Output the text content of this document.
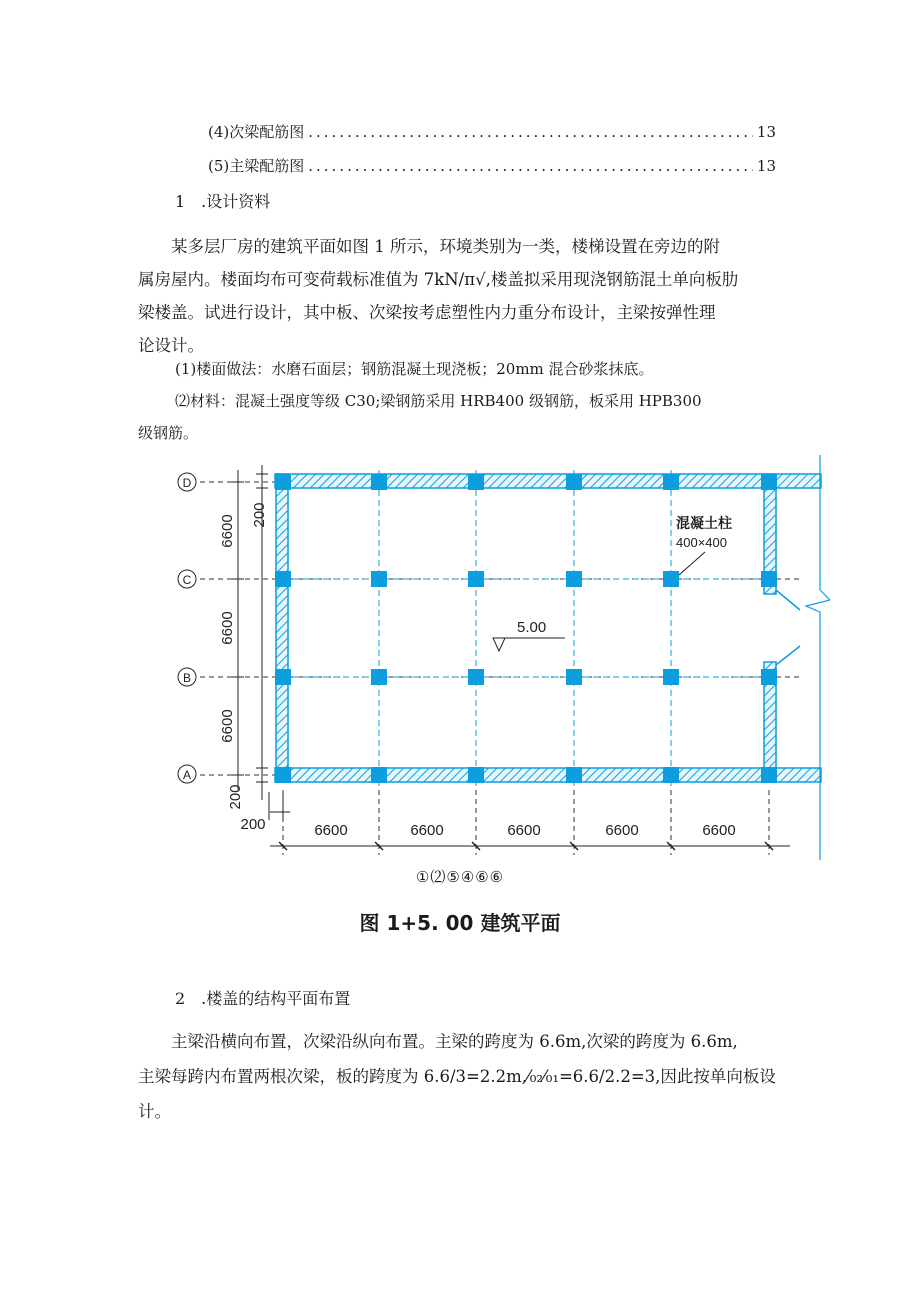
(4)次梁配筋图 .....	13
(5)主梁配筋图 .....	13
1　.设计资料
某多层厂房的建筑平面如图 1 所示，环境类别为一类，楼梯设置在旁边的附
属房屋内。楼面均布可变荷载标准值为 7kN/π√,楼盖拟采用现浇钢筋混土单向板肋
梁楼盖。试进行设计，其中板、次梁按考虑塑性内力重分布设计，主梁按弹性理
论设计。
(1)楼面做法：水磨石面层；钢筋混凝土现浇板；20mm 混合砂浆抹底。
⑵材料：混凝土强度等级 C30;梁钢筋采用 HRB400 级钢筋，板采用 HPB300
级钢筋。
D
C
B
A
6600
6600
6600
200
200
200	6600	6600	6600	6600	6600
混凝土柱
400×400
5.00
①⑵⑤④⑥⑥
图 1+5. 00 建筑平面
2　.楼盖的结构平面布置
主梁沿横向布置，次梁沿纵向布置。主梁的跨度为 6.6m,次梁的跨度为 6.6m,
主梁每跨内布置两根次梁，板的跨度为 6.6/3=2.2m,⁄₀₂⁄₀₁=6.6/2.2=3,因此按单向板设
计。
